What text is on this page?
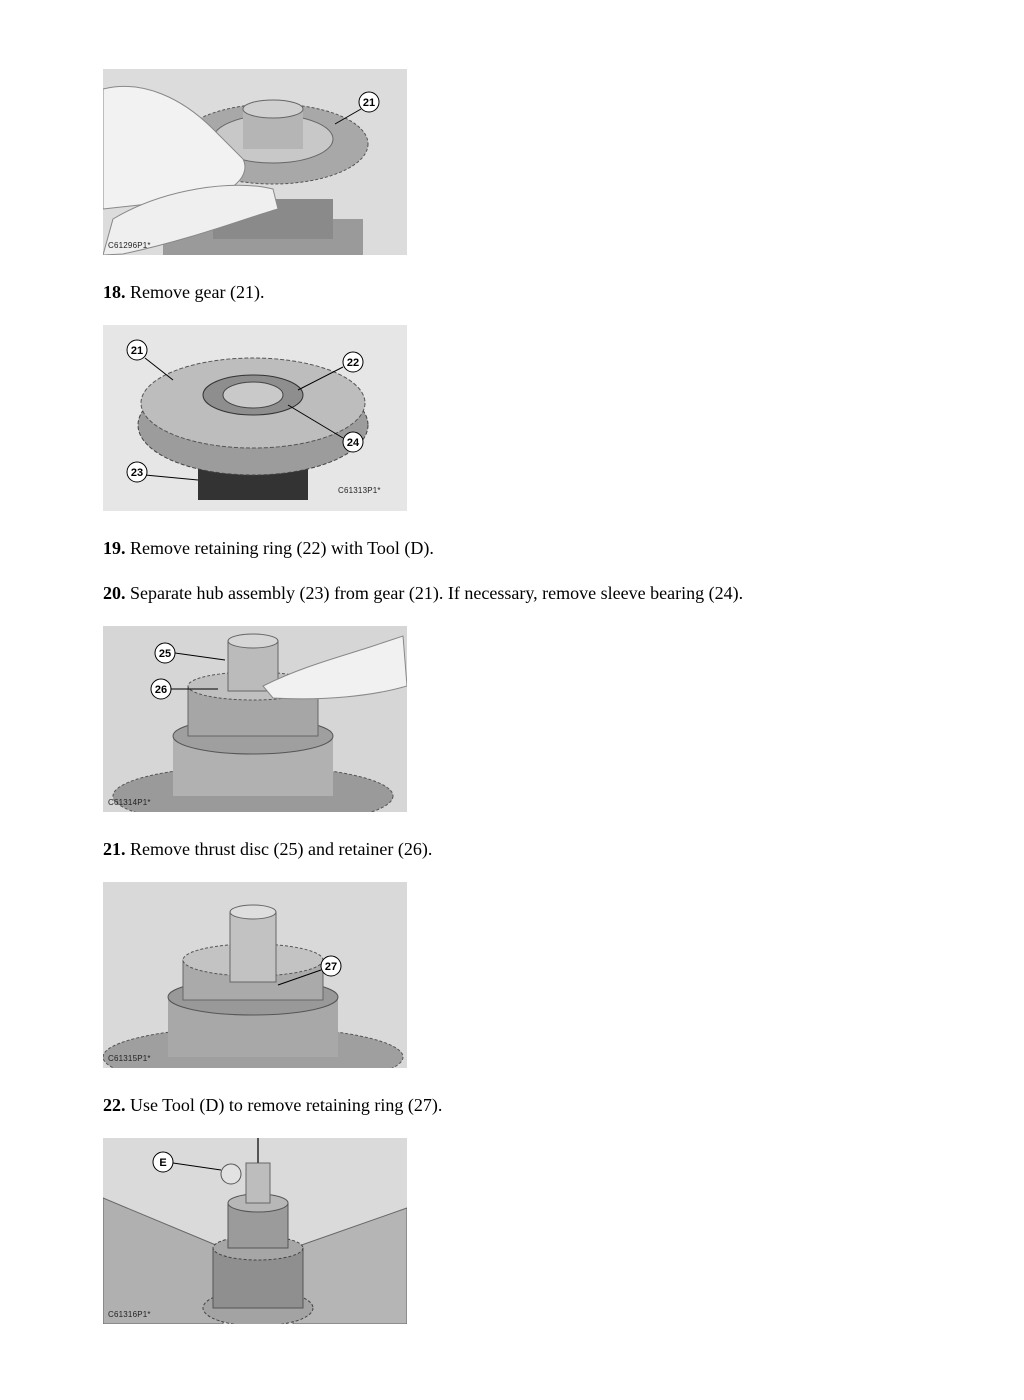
21
C61296P1*

18. Remove gear (21).

21
22
24
23
C61313P1*

19. Remove retaining ring (22) with Tool (D).

20. Separate hub assembly (23) from gear (21). If necessary, remove sleeve bearing (24).

25
26
C61314P1*

21. Remove thrust disc (25) and retainer (26).

27
C61315P1*

22. Use Tool (D) to remove retaining ring (27).

E
C61316P1*
